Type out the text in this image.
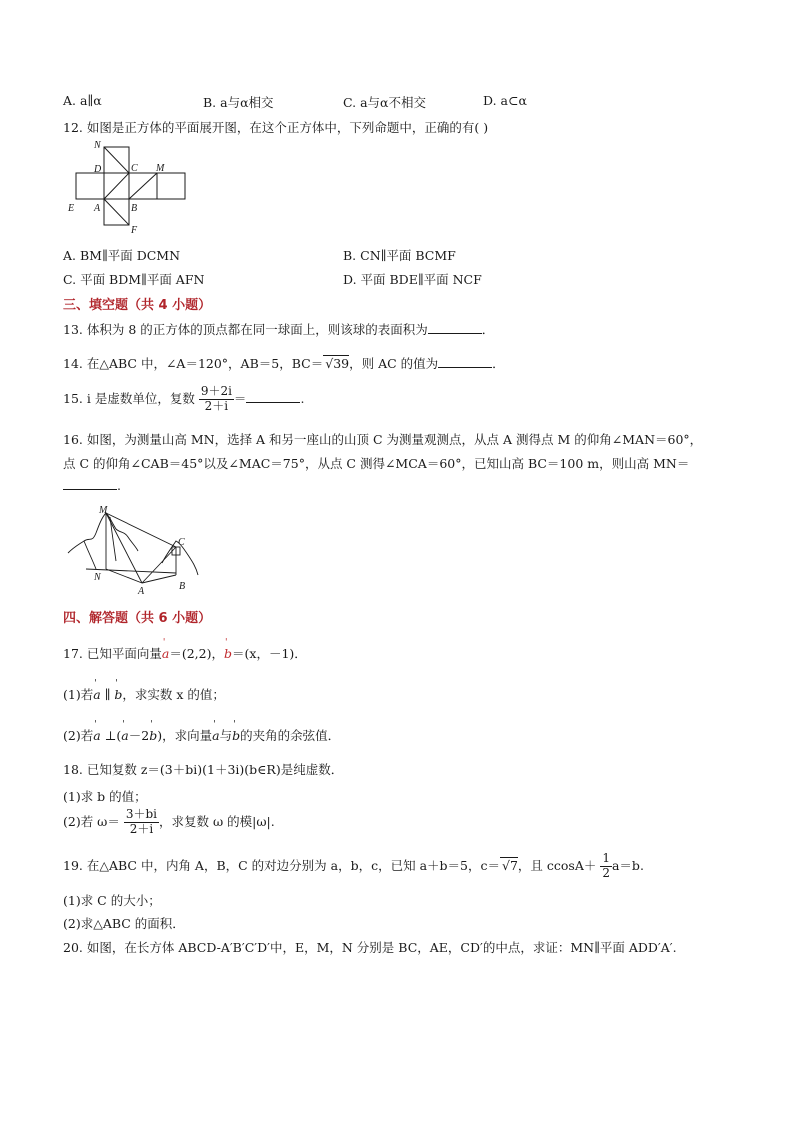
A. a∥α	B. a与α相交	C. a与α不相交	D. a⊂α
12. 如图是正方体的平面展开图，在这个正方体中，下列命题中，正确的有( )
N
D	C M
E A	B
F
A. BM∥平面 DCMN	B. CN∥平面 BCMF
C. 平面 BDM∥平面 AFN	D. 平面 BDE∥平面 NCF
三、填空题（共 4 小题）
13. 体积为 8 的正方体的顶点都在同一球面上，则该球的表面积为	．
14. 在△ABC 中，∠A＝120°，AB＝5，BC＝ √39，则 AC 的值为	．
15. i 是虚数单位，复数 $\frac{9+2i}{2+i}$ ＝	.
16. 如图，为测量山高 MN，选择 A 和另一座山的山顶 C 为测量观测点，从点 A 测得点 M 的仰角∠MAN＝60°，
点 C 的仰角∠CAB＝45°以及∠MAC＝75°，从点 C 测得∠MCA＝60°，已知山高 BC＝100 m，则山高 MN＝
.
M
C
N
A	B
四、解答题（共 6 小题）
17. 已知平面向量' a＝(2,2)，' b＝(x，－1)．
(1)若' a ∥ ' b，求实数 x 的值；
(2)若' a ⊥(' a－2' b)，求向量' a与' b的夹角的余弦值．
18. 已知复数 z＝(3＋bi)(1＋3i)(b∈R)是纯虚数．
(1)求 b 的值；
(2)若 $\omega= \frac{3+bi}{2+i}$ ，求复数 ω 的模|ω|.
19. 在△ABC 中，内角 A，B，C 的对边分别为 a，b，c，已知 a＋b＝5，c＝ √7，且 $ccosA+ \frac{1}{2} a=b$.
(1)求 C 的大小；
(2)求△ABC 的面积．
20. 如图，在长方体 ABCD-A′B′C′D′中，E，M，N 分别是 BC，AE，CD′的中点，求证：MN∥平面 ADD′A′.
